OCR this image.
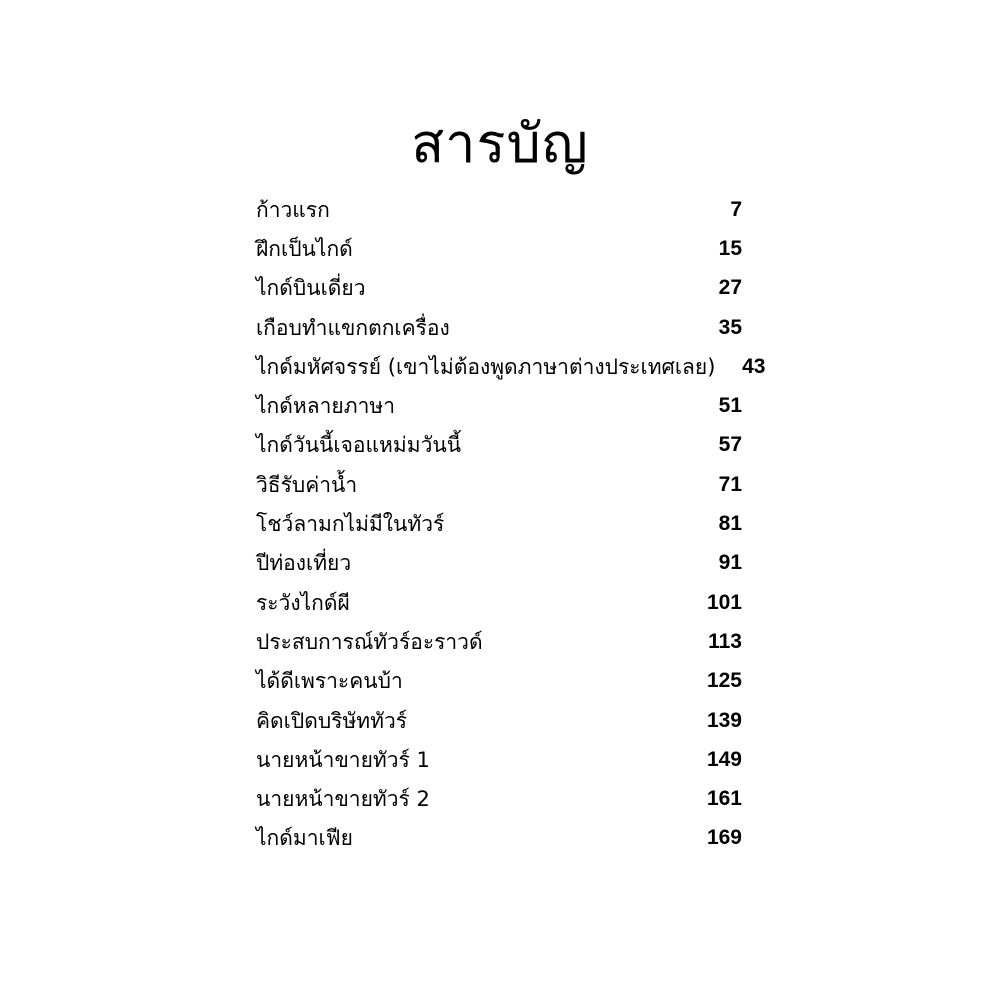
สารบัญ
ก้าวแรก	7
ฝึกเป็นไกด์	15
ไกด์บินเดี่ยว	27
เกือบทำแขกตกเครื่อง	35
ไกด์มหัศจรรย์ (เขาไม่ต้องพูดภาษาต่างประเทศเลย)	43
ไกด์หลายภาษา	51
ไกด์วันนี้เจอแหม่มวันนี้	57
วิธีรับค่าน้ำ	71
โชว์ลามกไม่มีในทัวร์	81
ปีท่องเที่ยว	91
ระวังไกด์ผี	101
ประสบการณ์ทัวร์อะราวด์	113
ได้ดีเพราะคนบ้า	125
คิดเปิดบริษัททัวร์	139
นายหน้าขายทัวร์ 1	149
นายหน้าขายทัวร์ 2	161
ไกด์มาเฟีย	169
